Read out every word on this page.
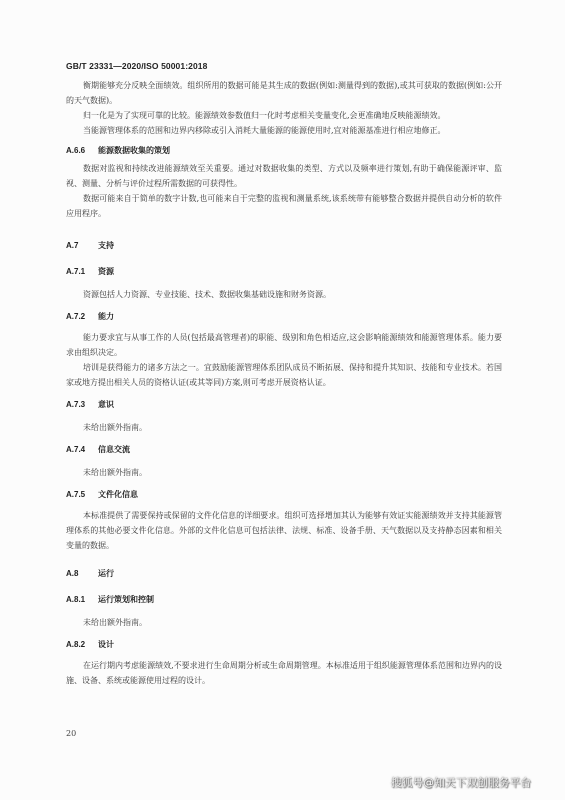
GB/T 23331—2020/ISO 50001:2018

衡期能够充分反映全面绩效。组织所用的数据可能是其生成的数据(例如:测量得到的数据),或其可获取的数据(例如:公开的天气数据)。

归一化是为了实现可靠的比较。能源绩效参数值归一化时考虑相关变量变化,会更准确地反映能源绩效。

当能源管理体系的范围和边界内移除或引入消耗大量能源的能源使用时,宜对能源基准进行相应地修正。

A.6.6 能源数据收集的策划

数据对监视和持续改进能源绩效至关重要。通过对数据收集的类型、方式以及频率进行策划,有助于确保能源评审、监视、测量、分析与评价过程所需数据的可获得性。

数据可能来自于简单的数字计数,也可能来自于完整的监视和测量系统,该系统带有能够整合数据并提供自动分析的软件应用程序。

A.7 支持
A.7.1 资源

资源包括人力资源、专业技能、技术、数据收集基础设施和财务资源。

A.7.2 能力

能力要求宜与从事工作的人员(包括最高管理者)的职能、级别和角色相适应,这会影响能源绩效和能源管理体系。能力要求由组织决定。

培训是获得能力的诸多方法之一。宜鼓励能源管理体系团队成员不断拓展、保持和提升其知识、技能和专业技术。若国家或地方提出相关人员的资格认证(或其等同)方案,则可考虑开展资格认证。

A.7.3 意识

未给出额外指南。

A.7.4 信息交流

未给出额外指南。

A.7.5 文件化信息

本标准提供了需要保持或保留的文件化信息的详细要求。组织可选择增加其认为能够有效证实能源绩效并支持其能源管理体系的其他必要文件化信息。外部的文件化信息可包括法律、法规、标准、设备手册、天气数据以及支持静态因素和相关变量的数据。

A.8 运行
A.8.1 运行策划和控制

未给出额外指南。

A.8.2 设计

在运行期内考虑能源绩效,不要求进行生命周期分析或生命周期管理。本标准适用于组织能源管理体系范围和边界内的设施、设备、系统或能源使用过程的设计。

20
搜狐号@知天下双创服务平台
